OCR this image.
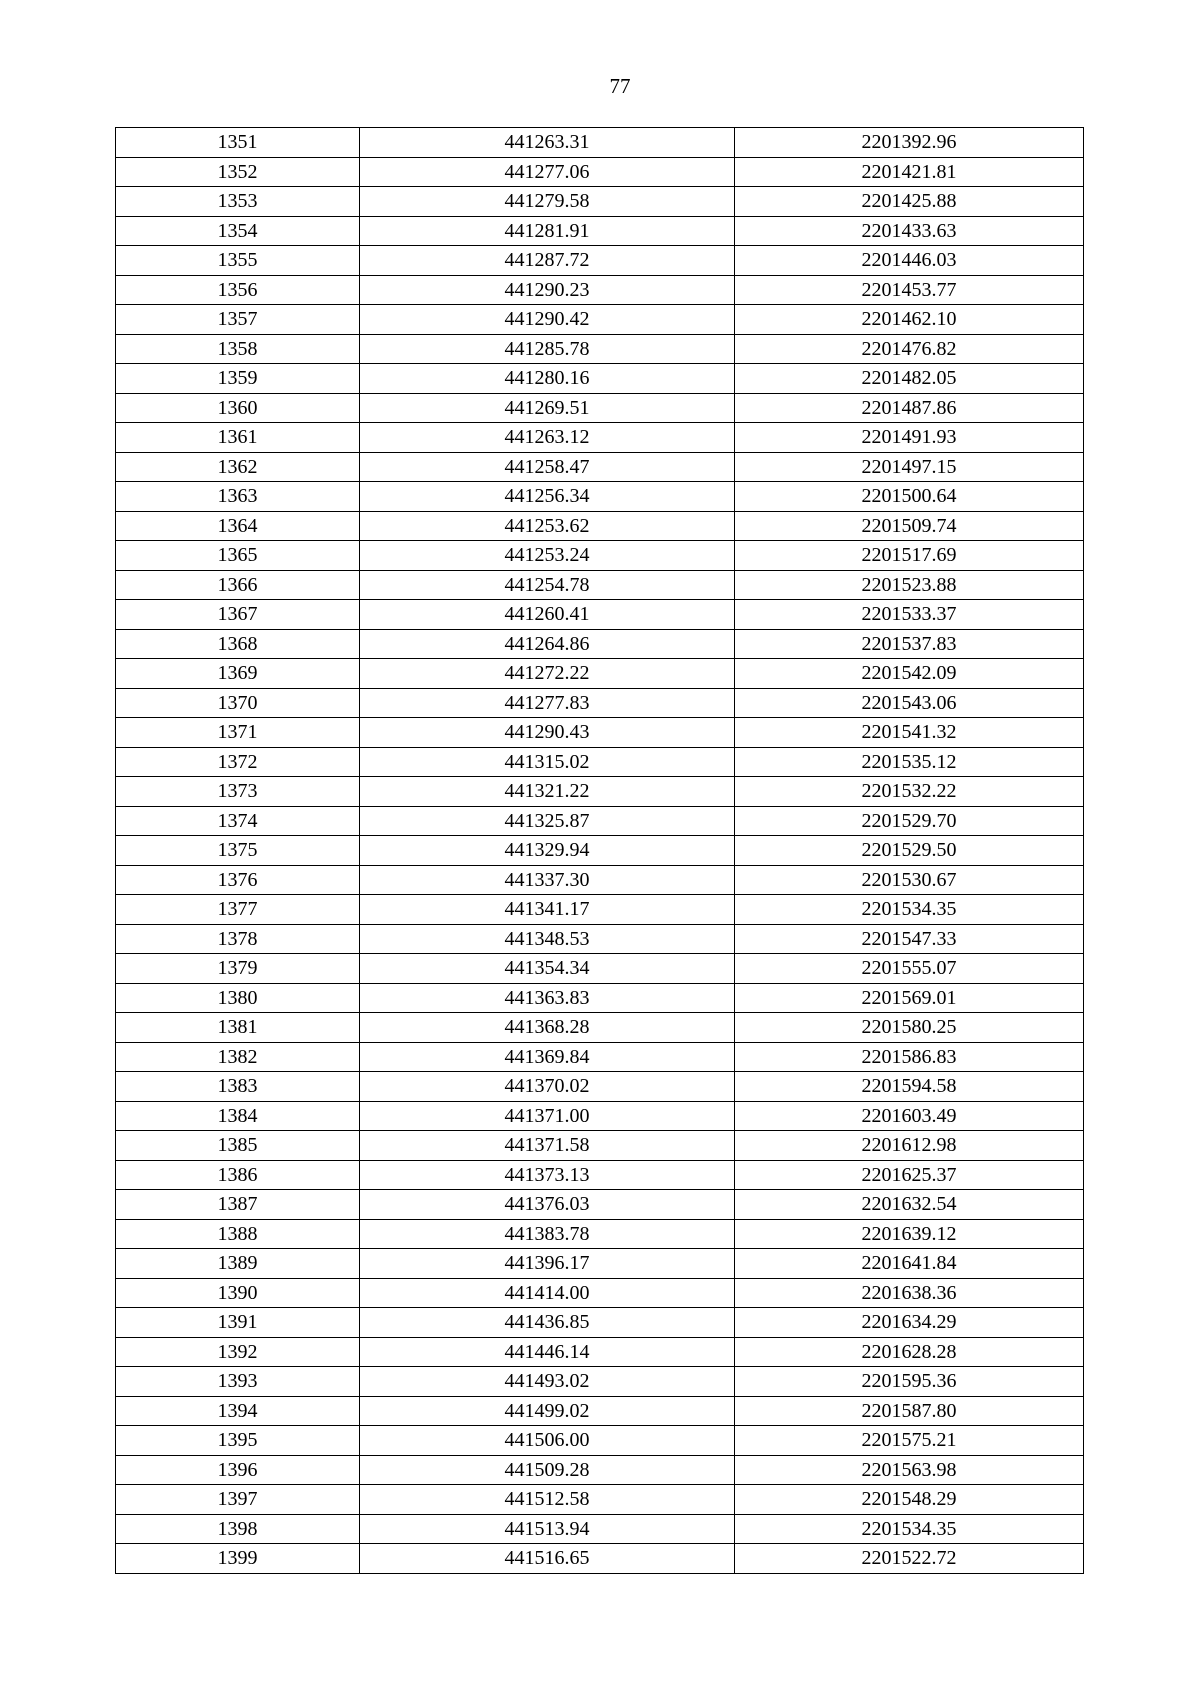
77
1351	441263.31	2201392.96
1352	441277.06	2201421.81
1353	441279.58	2201425.88
1354	441281.91	2201433.63
1355	441287.72	2201446.03
1356	441290.23	2201453.77
1357	441290.42	2201462.10
1358	441285.78	2201476.82
1359	441280.16	2201482.05
1360	441269.51	2201487.86
1361	441263.12	2201491.93
1362	441258.47	2201497.15
1363	441256.34	2201500.64
1364	441253.62	2201509.74
1365	441253.24	2201517.69
1366	441254.78	2201523.88
1367	441260.41	2201533.37
1368	441264.86	2201537.83
1369	441272.22	2201542.09
1370	441277.83	2201543.06
1371	441290.43	2201541.32
1372	441315.02	2201535.12
1373	441321.22	2201532.22
1374	441325.87	2201529.70
1375	441329.94	2201529.50
1376	441337.30	2201530.67
1377	441341.17	2201534.35
1378	441348.53	2201547.33
1379	441354.34	2201555.07
1380	441363.83	2201569.01
1381	441368.28	2201580.25
1382	441369.84	2201586.83
1383	441370.02	2201594.58
1384	441371.00	2201603.49
1385	441371.58	2201612.98
1386	441373.13	2201625.37
1387	441376.03	2201632.54
1388	441383.78	2201639.12
1389	441396.17	2201641.84
1390	441414.00	2201638.36
1391	441436.85	2201634.29
1392	441446.14	2201628.28
1393	441493.02	2201595.36
1394	441499.02	2201587.80
1395	441506.00	2201575.21
1396	441509.28	2201563.98
1397	441512.58	2201548.29
1398	441513.94	2201534.35
1399	441516.65	2201522.72
